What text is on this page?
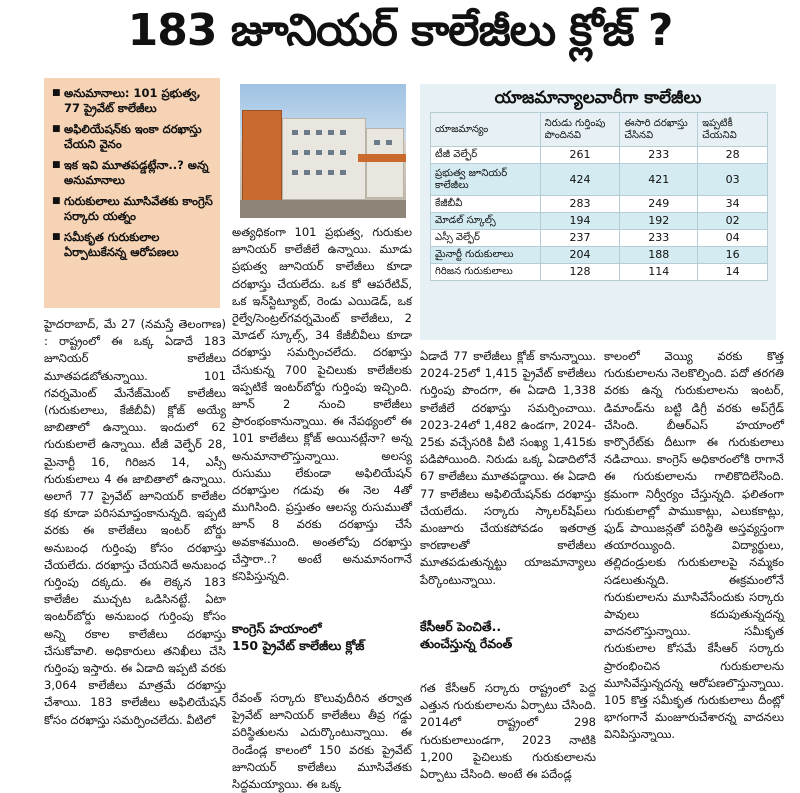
183 జూనియర్ కాలేజీలు క్లోజ్ ?
■ అనుమానాలు: 101 ప్రభుత్వ, 77 ప్రైవేట్ కాలేజీలు
■ అఫిలియేషన్‌కు ఇంకా దరఖాస్తు చేయని వైనం
■ ఇక ఇవి మూతపడ్డట్లేనా..? అన్న అనుమానాలు
■ గురుకులాలు మూసివేతకు కాంగ్రెస్ సర్కారు యత్నం
■ సమీకృత గురుకులాల ఏర్పాటుకేనన్న ఆరోపణలు
యాజమాన్యాలవారీగా కాలేజీలు
యాజమాన్యం	నిరుడు గుర్తింపు పొందినవి	ఈసారి దరఖాస్తు చేసినవి	ఇప్పటికీ చేయనివి
టీజీ వెల్ఫేర్	261	233	28
ప్రభుత్వ జూనియర్ కాలేజీలు	424	421	03
కేజీబీవీ	283	249	34
మోడల్ స్కూల్స్	194	192	02
ఎస్సీ వెల్ఫేర్	237	233	04
మైనార్టీ గురుకులాలు	204	188	16
గిరిజన గురుకులాలు	128	114	14

హైదరాబాద్, మే 27 (నమస్తే తెలంగాణ) : రాష్ట్రంలో ఈ ఒక్క ఏడాదే 183 జూనియర్ కాలేజీలు మూతపడబోతున్నాయి. 101 గవర్నమెంట్ మేనేజ్‌మెంట్ కాలేజీలు (గురుకులాలు, కేజీబీవీ) క్లోజ్ అయ్యే జాబితాలో ఉన్నాయి. ఇందులో 62 గురుకులాలే ఉన్నాయి. టీజీ వెల్ఫేర్ 28, మైనార్టీ 16, గిరిజన 14, ఎస్సీ గురుకులాలు 4 ఈ జాబితాలో ఉన్నాయి. అలాగే 77 ప్రైవేట్ జూనియర్ కాలేజీల కథ కూడా పరిసమాప్తంకానున్నది. ఇప్పటి వరకు ఈ కాలేజీలు ఇంటర్ బోర్డు అనుబంధ గుర్తింపు కోసం దరఖాస్తు చేయలేదు. దరఖాస్తు చేయనిదే అనుబంధ గుర్తింపు దక్కదు. ఈ లెక్కన 183 కాలేజీల ముచ్చట ఒడిసినట్టే. ఏటా ఇంటర్‌బోర్డు అనుబంధ గుర్తింపు కోసం అన్ని రకాల కాలేజీలు దరఖాస్తు చేసుకోవాలి. అధికారులు తనిఖీలు చేసి గుర్తింపు ఇస్తారు. ఈ ఏడాది ఇప్పటి వరకు 3,064 కాలేజీలు మాత్రమే దరఖాస్తు చేశాయి. 183 కాలేజీలు అఫిలియేషన్ కోసం దరఖాస్తు సమర్పించలేదు. వీటిలో

అత్యధికంగా 101 ప్రభుత్వ, గురుకుల జూనియర్ కాలేజీలే ఉన్నాయి. మూడు ప్రభుత్వ జూనియర్ కాలేజీలు కూడా దరఖాస్తు చేయలేదు. ఒక కో ఆపరేటివ్, ఒక ఇన్‌స్టిట్యూట్, రెండు ఎయిడెడ్, ఒక రైల్వే/సెంట్రల్‌గవర్నమెంట్ కాలేజీలు, 2 మోడల్ స్కూల్స్, 34 కేజీబీవీలు కూడా దరఖాస్తు సమర్పించలేదు. దరఖాస్తు చేసుకున్న 700 పైచిలుకు కాలేజీలకు ఇప్పటికే ఇంటర్‌బోర్డు గుర్తింపు ఇచ్చింది. జూన్ 2 నుంచి కాలేజీలు ప్రారంభంకానున్నాయి. ఈ నేపథ్యంలో ఈ 101 కాలేజీలు క్లోజ్ అయినట్లేనా? అన్న అనుమానాలొస్తున్నాయి. అలస్య రుసుము లేకుండా అఫిలియేషన్ దరఖాస్తుల గడువు ఈ నెల 4తో ముగిసింది. ప్రస్తుతం ఆలస్య రుసుముతో జూన్ 8 వరకు దరఖాస్తు చేసే అవకాశముంది. అంతలోపు దరఖాస్తు చేస్తారా..? అంటే అనుమానంగానే కనిపిస్తున్నది.

కాంగ్రెస్ హయాంలో
150 ప్రైవేట్ కాలేజీలు క్లోజ్

రేవంత్ సర్కారు కొలువుదీరిన తర్వాత ప్రైవేట్ జూనియర్ కాలేజీలు తీవ్ర గడ్డు పరిస్థితులను ఎదుర్కొంటున్నాయి. ఈ రెండేండ్ల కాలంలో 150 వరకు ప్రైవేట్ జూనియర్ కాలేజీలు మూసివేతకు సిద్ధమయ్యాయి. ఈ ఒక్క

ఏడాదే 77 కాలేజీలు క్లోజ్ కానున్నాయి. 2024-25లో 1,415 ప్రైవేట్ కాలేజీలు గుర్తింపు పొందగా, ఈ ఏడాది 1,338 కాలేజీలే దరఖాస్తు సమర్పించాయి. 2023-24లో 1,482 ఉండగా, 2024-25కు వచ్చేసరికి వీటి సంఖ్య 1,415కు పడిపోయింది. నిరుడు ఒక్క ఏడాదిలోనే 67 కాలేజీలు మూతపడ్డాయి. ఈ ఏడాది 77 కాలేజీలు అఫిలియేషన్‌కు దరఖాస్తు చేయలేదు. సర్కారు స్కాలర్‌షిప్‌లు మంజూరు చేయకపోవడం ఇతరాత్ర కారణాలతో కాలేజీలు మూతపడుతున్నట్టు యాజమాన్యాలు పేర్కొంటున్నాయి.

కేసీఆర్ పెంచితే..
తుంచేస్తున్న రేవంత్

గత కేసీఆర్ సర్కారు రాష్ట్రంలో పెద్ద ఎత్తున గురుకులాలను ఏర్పాటు చేసింది. 2014లో రాష్ట్రంలో 298 గురుకులాలుండగా, 2023 నాటికి 1,200 పైచిలుకు గురుకులాలను ఏర్పాటు చేసింది. అంటే ఈ పదేండ్ల

కాలంలో వెయ్యి వరకు కొత్త గురుకులాలను నెలకొల్పింది. పదో తరగతి వరకు ఉన్న గురుకులాలను ఇంటర్, డిమాండ్‌ను బట్టి డిగ్రీ వరకు అప్‌గ్రేడ్ చేసింది. బీఆర్‌ఎస్ హయాంలో కార్పొరేట్‌కు దీటుగా ఈ గురుకులాలు నడిచాయి. కాంగ్రెస్ అధికారంలోకి రాగానే ఈ గురుకులాలను గాలికొదిలేసింది. క్రమంగా నిర్వీర్యం చేస్తున్నది. ఫలితంగా గురుకులాల్లో పాముకాట్లు, ఎలుకకాట్లు, ఫుడ్ పాయిజన్లతో పరిస్థితి అస్తవ్యస్తంగా తయారయ్యింది. విద్యార్థులు, తల్లిదండ్రులకు గురుకులాలపై నమ్మకం సడలుతున్నది. ఈక్రమంలోనే గురుకులాలను మూసివేసేందుకు సర్కారు పావులు కదుపుతున్నదన్న వాదనలొస్తున్నాయి. సమీకృత గురుకులాల కోసమే కేసీఆర్ సర్కారు ప్రారంభించిన గురుకులాలను మూసివేస్తున్నదన్న ఆరోపణలొస్తున్నాయి. 105 కొత్త సమీకృత గురుకులాలు దీంట్లో భాగంగానే మంజూరుచేశారన్న వాదనలు వినిపిస్తున్నాయి.
